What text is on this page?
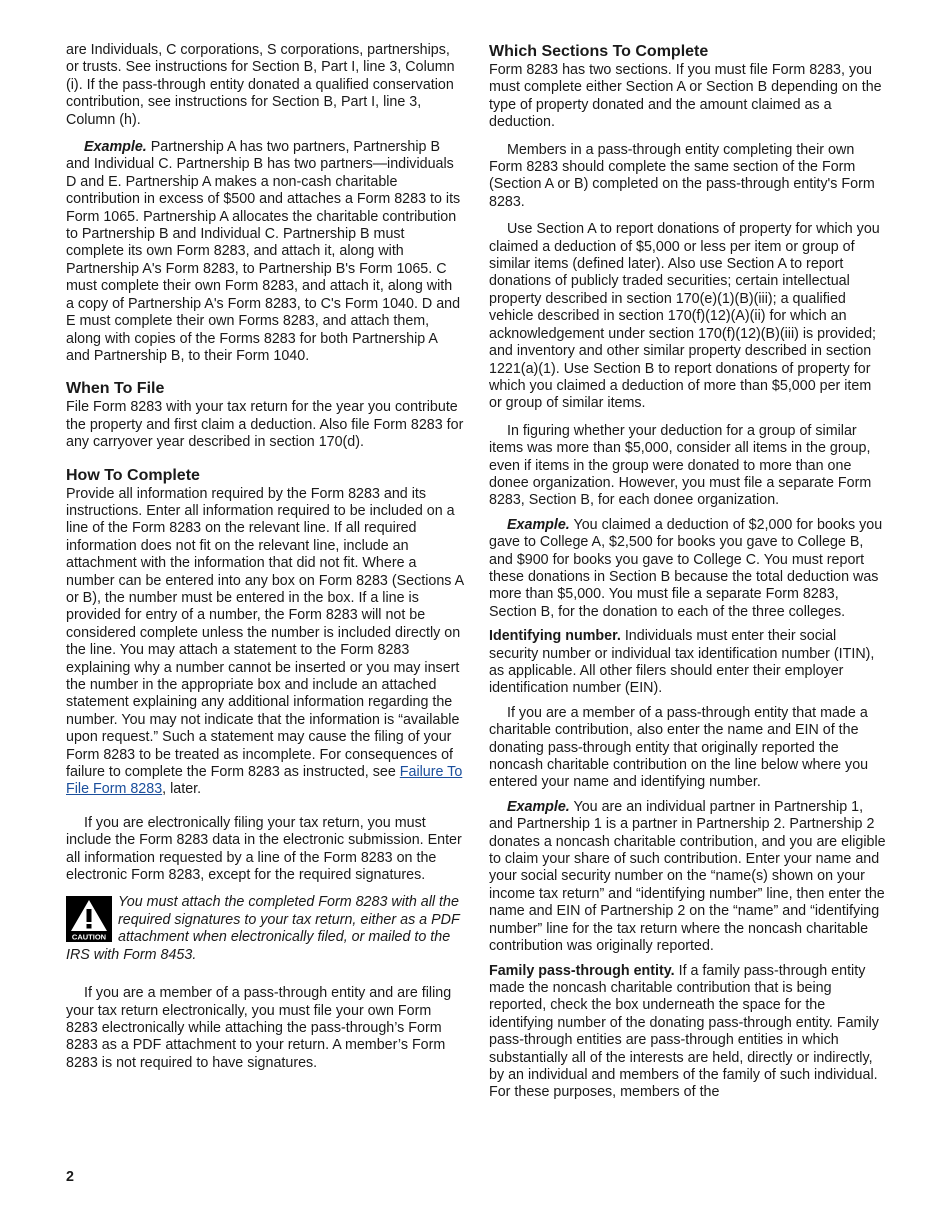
are Individuals, C corporations, S corporations, partnerships, or trusts. See instructions for Section B, Part I, line 3, Column (i). If the pass-through entity donated a qualified conservation contribution, see instructions for Section B, Part I, line 3, Column (h).

Example. Partnership A has two partners, Partnership B and Individual C. Partnership B has two partners—individuals D and E. Partnership A makes a non-cash charitable contribution in excess of $500 and attaches a Form 8283 to its Form 1065. Partnership A allocates the charitable contribution to Partnership B and Individual C. Partnership B must complete its own Form 8283, and attach it, along with Partnership A's Form 8283, to Partnership B's Form 1065. C must complete their own Form 8283, and attach it, along with a copy of Partnership A's Form 8283, to C's Form 1040. D and E must complete their own Forms 8283, and attach them, along with copies of the Forms 8283 for both Partnership A and Partnership B, to their Form 1040.

When To File

File Form 8283 with your tax return for the year you contribute the property and first claim a deduction. Also file Form 8283 for any carryover year described in section 170(d).

How To Complete

Provide all information required by the Form 8283 and its instructions. Enter all information required to be included on a line of the Form 8283 on the relevant line. If all required information does not fit on the relevant line, include an attachment with the information that did not fit. Where a number can be entered into any box on Form 8283 (Sections A or B), the number must be entered in the box. If a line is provided for entry of a number, the Form 8283 will not be considered complete unless the number is included directly on the line. You may attach a statement to the Form 8283 explaining why a number cannot be inserted or you may insert the number in the appropriate box and include an attached statement explaining any additional information regarding the number. You may not indicate that the information is “available upon request.” Such a statement may cause the filing of your Form 8283 to be treated as incomplete. For consequences of failure to complete the Form 8283 as instructed, see Failure To File Form 8283, later.

If you are electronically filing your tax return, you must include the Form 8283 data in the electronic submission. Enter all information requested by a line of the Form 8283 on the electronic Form 8283, except for the required signatures.

CAUTION

You must attach the completed Form 8283 with all the required signatures to your tax return, either as a PDF attachment when electronically filed, or mailed to the IRS with Form 8453.

If you are a member of a pass-through entity and are filing your tax return electronically, you must file your own Form 8283 electronically while attaching the pass-through’s Form 8283 as a PDF attachment to your return. A member’s Form 8283 is not required to have signatures.

Which Sections To Complete

Form 8283 has two sections. If you must file Form 8283, you must complete either Section A or Section B depending on the type of property donated and the amount claimed as a deduction.

Members in a pass-through entity completing their own Form 8283 should complete the same section of the Form (Section A or B) completed on the pass-through entity's Form 8283.

Use Section A to report donations of property for which you claimed a deduction of $5,000 or less per item or group of similar items (defined later). Also use Section A to report donations of publicly traded securities; certain intellectual property described in section 170(e)(1)(B)(iii); a qualified vehicle described in section 170(f)(12)(A)(ii) for which an acknowledgement under section 170(f)(12)(B)(iii) is provided; and inventory and other similar property described in section 1221(a)(1). Use Section B to report donations of property for which you claimed a deduction of more than $5,000 per item or group of similar items.

In figuring whether your deduction for a group of similar items was more than $5,000, consider all items in the group, even if items in the group were donated to more than one donee organization. However, you must file a separate Form 8283, Section B, for each donee organization.

Example. You claimed a deduction of $2,000 for books you gave to College A, $2,500 for books you gave to College B, and $900 for books you gave to College C. You must report these donations in Section B because the total deduction was more than $5,000. You must file a separate Form 8283, Section B, for the donation to each of the three colleges.

Identifying number. Individuals must enter their social security number or individual tax identification number (ITIN), as applicable. All other filers should enter their employer identification number (EIN).

If you are a member of a pass-through entity that made a charitable contribution, also enter the name and EIN of the donating pass-through entity that originally reported the noncash charitable contribution on the line below where you entered your name and identifying number.

Example. You are an individual partner in Partnership 1, and Partnership 1 is a partner in Partnership 2. Partnership 2 donates a noncash charitable contribution, and you are eligible to claim your share of such contribution. Enter your name and your social security number on the “name(s) shown on your income tax return” and “identifying number” line, then enter the name and EIN of Partnership 2 on the “name” and “identifying number” line for the tax return where the noncash charitable contribution was originally reported.

Family pass-through entity. If a family pass-through entity made the noncash charitable contribution that is being reported, check the box underneath the space for the identifying number of the donating pass-through entity. Family pass-through entities are pass-through entities in which substantially all of the interests are held, directly or indirectly, by an individual and members of the family of such individual. For these purposes, members of the

2
